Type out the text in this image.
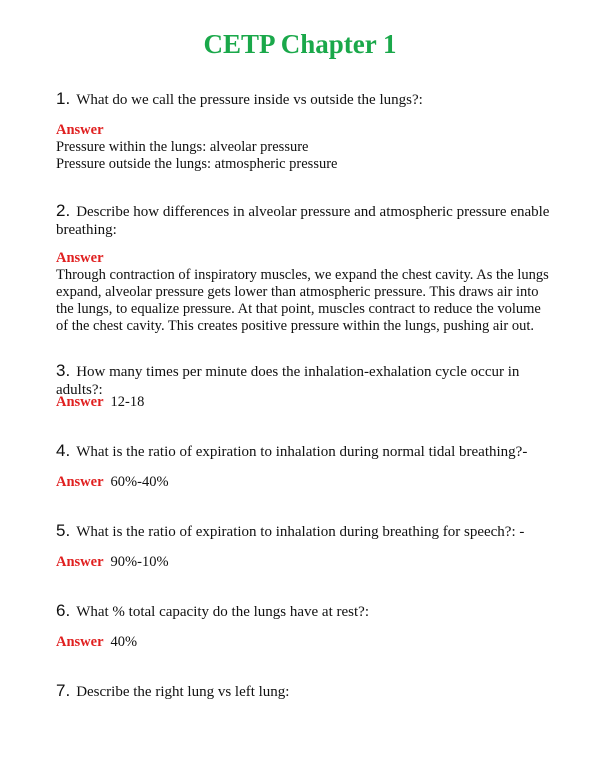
CETP Chapter 1
1. What do we call the pressure inside vs outside the lungs?:
Answer
Pressure within the lungs: alveolar pressure
Pressure outside the lungs: atmospheric pressure
2. Describe how differences in alveolar pressure and atmospheric pressure enable breathing:
Answer
Through contraction of inspiratory muscles, we expand the chest cavity. As the lungs expand, alveolar pressure gets lower than atmospheric pressure. This draws air into the lungs, to equalize pressure. At that point, muscles contract to reduce the volume of the chest cavity. This creates positive pressure within the lungs, pushing air out.
3. How many times per minute does the inhalation-exhalation cycle occur in adults?:
Answer 12-18
4. What is the ratio of expiration to inhalation during normal tidal breathing?-
Answer 60%-40%
5. What is the ratio of expiration to inhalation during breathing for speech?: -
Answer 90%-10%
6. What % total capacity do the lungs have at rest?:
Answer 40%
7. Describe the right lung vs left lung:
